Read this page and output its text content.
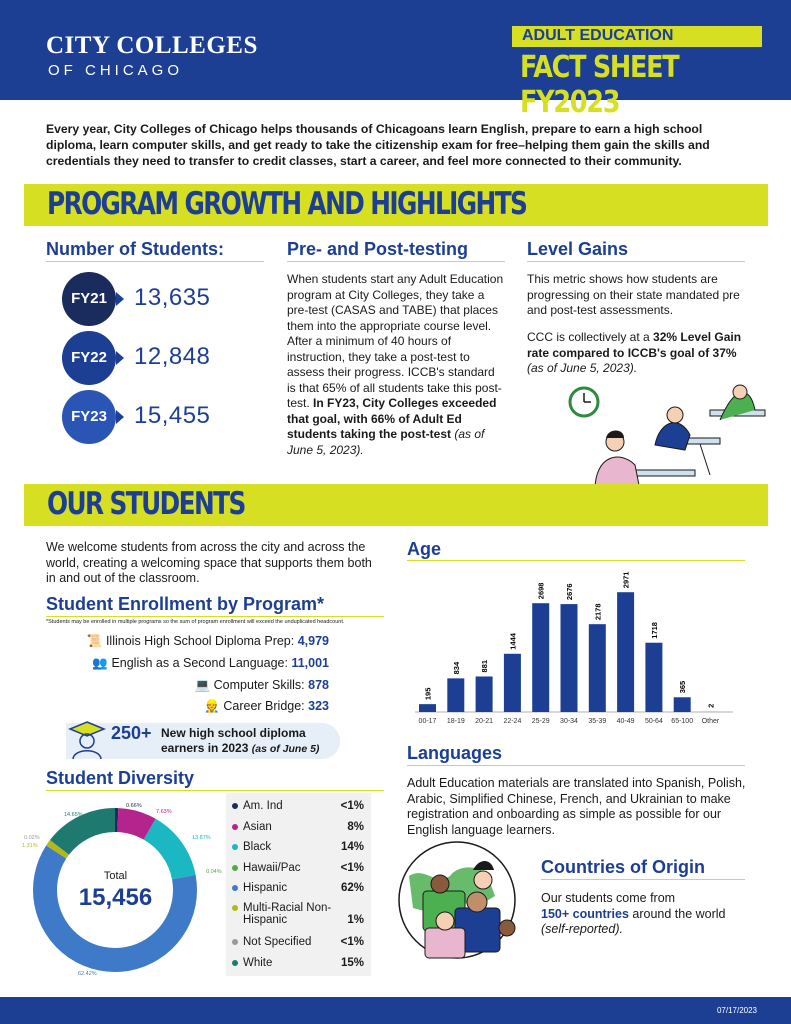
CITY COLLEGES
OF CHICAGO
ADULT EDUCATION
FACT SHEET FY2023
Every year, City Colleges of Chicago helps thousands of Chicagoans learn English, prepare to earn a high school diploma, learn computer skills, and get ready to take the citizenship exam for free–helping them gain the skills and credentials they need to transfer to credit classes, start a career, and feel more connected to their community.
PROGRAM GROWTH AND HIGHLIGHTS
Number of Students:
FY21	13,635
FY22	12,848
FY23	15,455
Pre- and Post-testing
When students start any Adult Education program at City Colleges, they take a pre-test (CASAS and TABE) that places them into the appropriate course level. After a minimum of 40 hours of instruction, they take a post-test to assess their progress. ICCB's standard is that 65% of all students take this post-test. In FY23, City Colleges exceeded that goal, with 66% of Adult Ed students taking the post-test (as of June 5, 2023).
Level Gains
This metric shows how students are progressing on their state mandated pre and post-test assessments.
CCC is collectively at a 32% Level Gain rate compared to ICCB's goal of 37% (as of June 5, 2023).
OUR STUDENTS
We welcome students from across the city and across the world, creating a welcoming space that supports them both in and out of the classroom.
Student Enrollment by Program*
*Students may be enrolled in multiple programs so the sum of program enrollment will exceed the unduplicated headcount.
📜 Illinois High School Diploma Prep: 4,979
👥 English as a Second Language: 11,001
💻 Computer Skills: 878
👷 Career Bridge: 323
250+ New high school diploma earners in 2023 (as of June 5)
Student Diversity
0.66%
7.63%
13.87%
0.04%
62.42%
1.31%
0.02%
14.65%
Total
15,456
Am. Ind	<1%
Asian	8%
Black	14%
Hawaii/Pac	<1%
Hispanic	62%
Multi-Racial Non-Hispanic	1%
Not Specified	<1%
White	15%
Age
195
00-17
834
18-19
881
20-21
1444
22-24
2698
25-29
2676
30-34
2178
35-39
2971
40-49
1718
50-64
365
65-100
2
Other
Languages
Adult Education materials are translated into Spanish, Polish, Arabic, Simplified Chinese, French, and Ukrainian to make registration and onboarding as simple as possible for our English language learners.
Countries of Origin
Our students come from
150+ countries around the world
(self-reported).
07/17/2023
